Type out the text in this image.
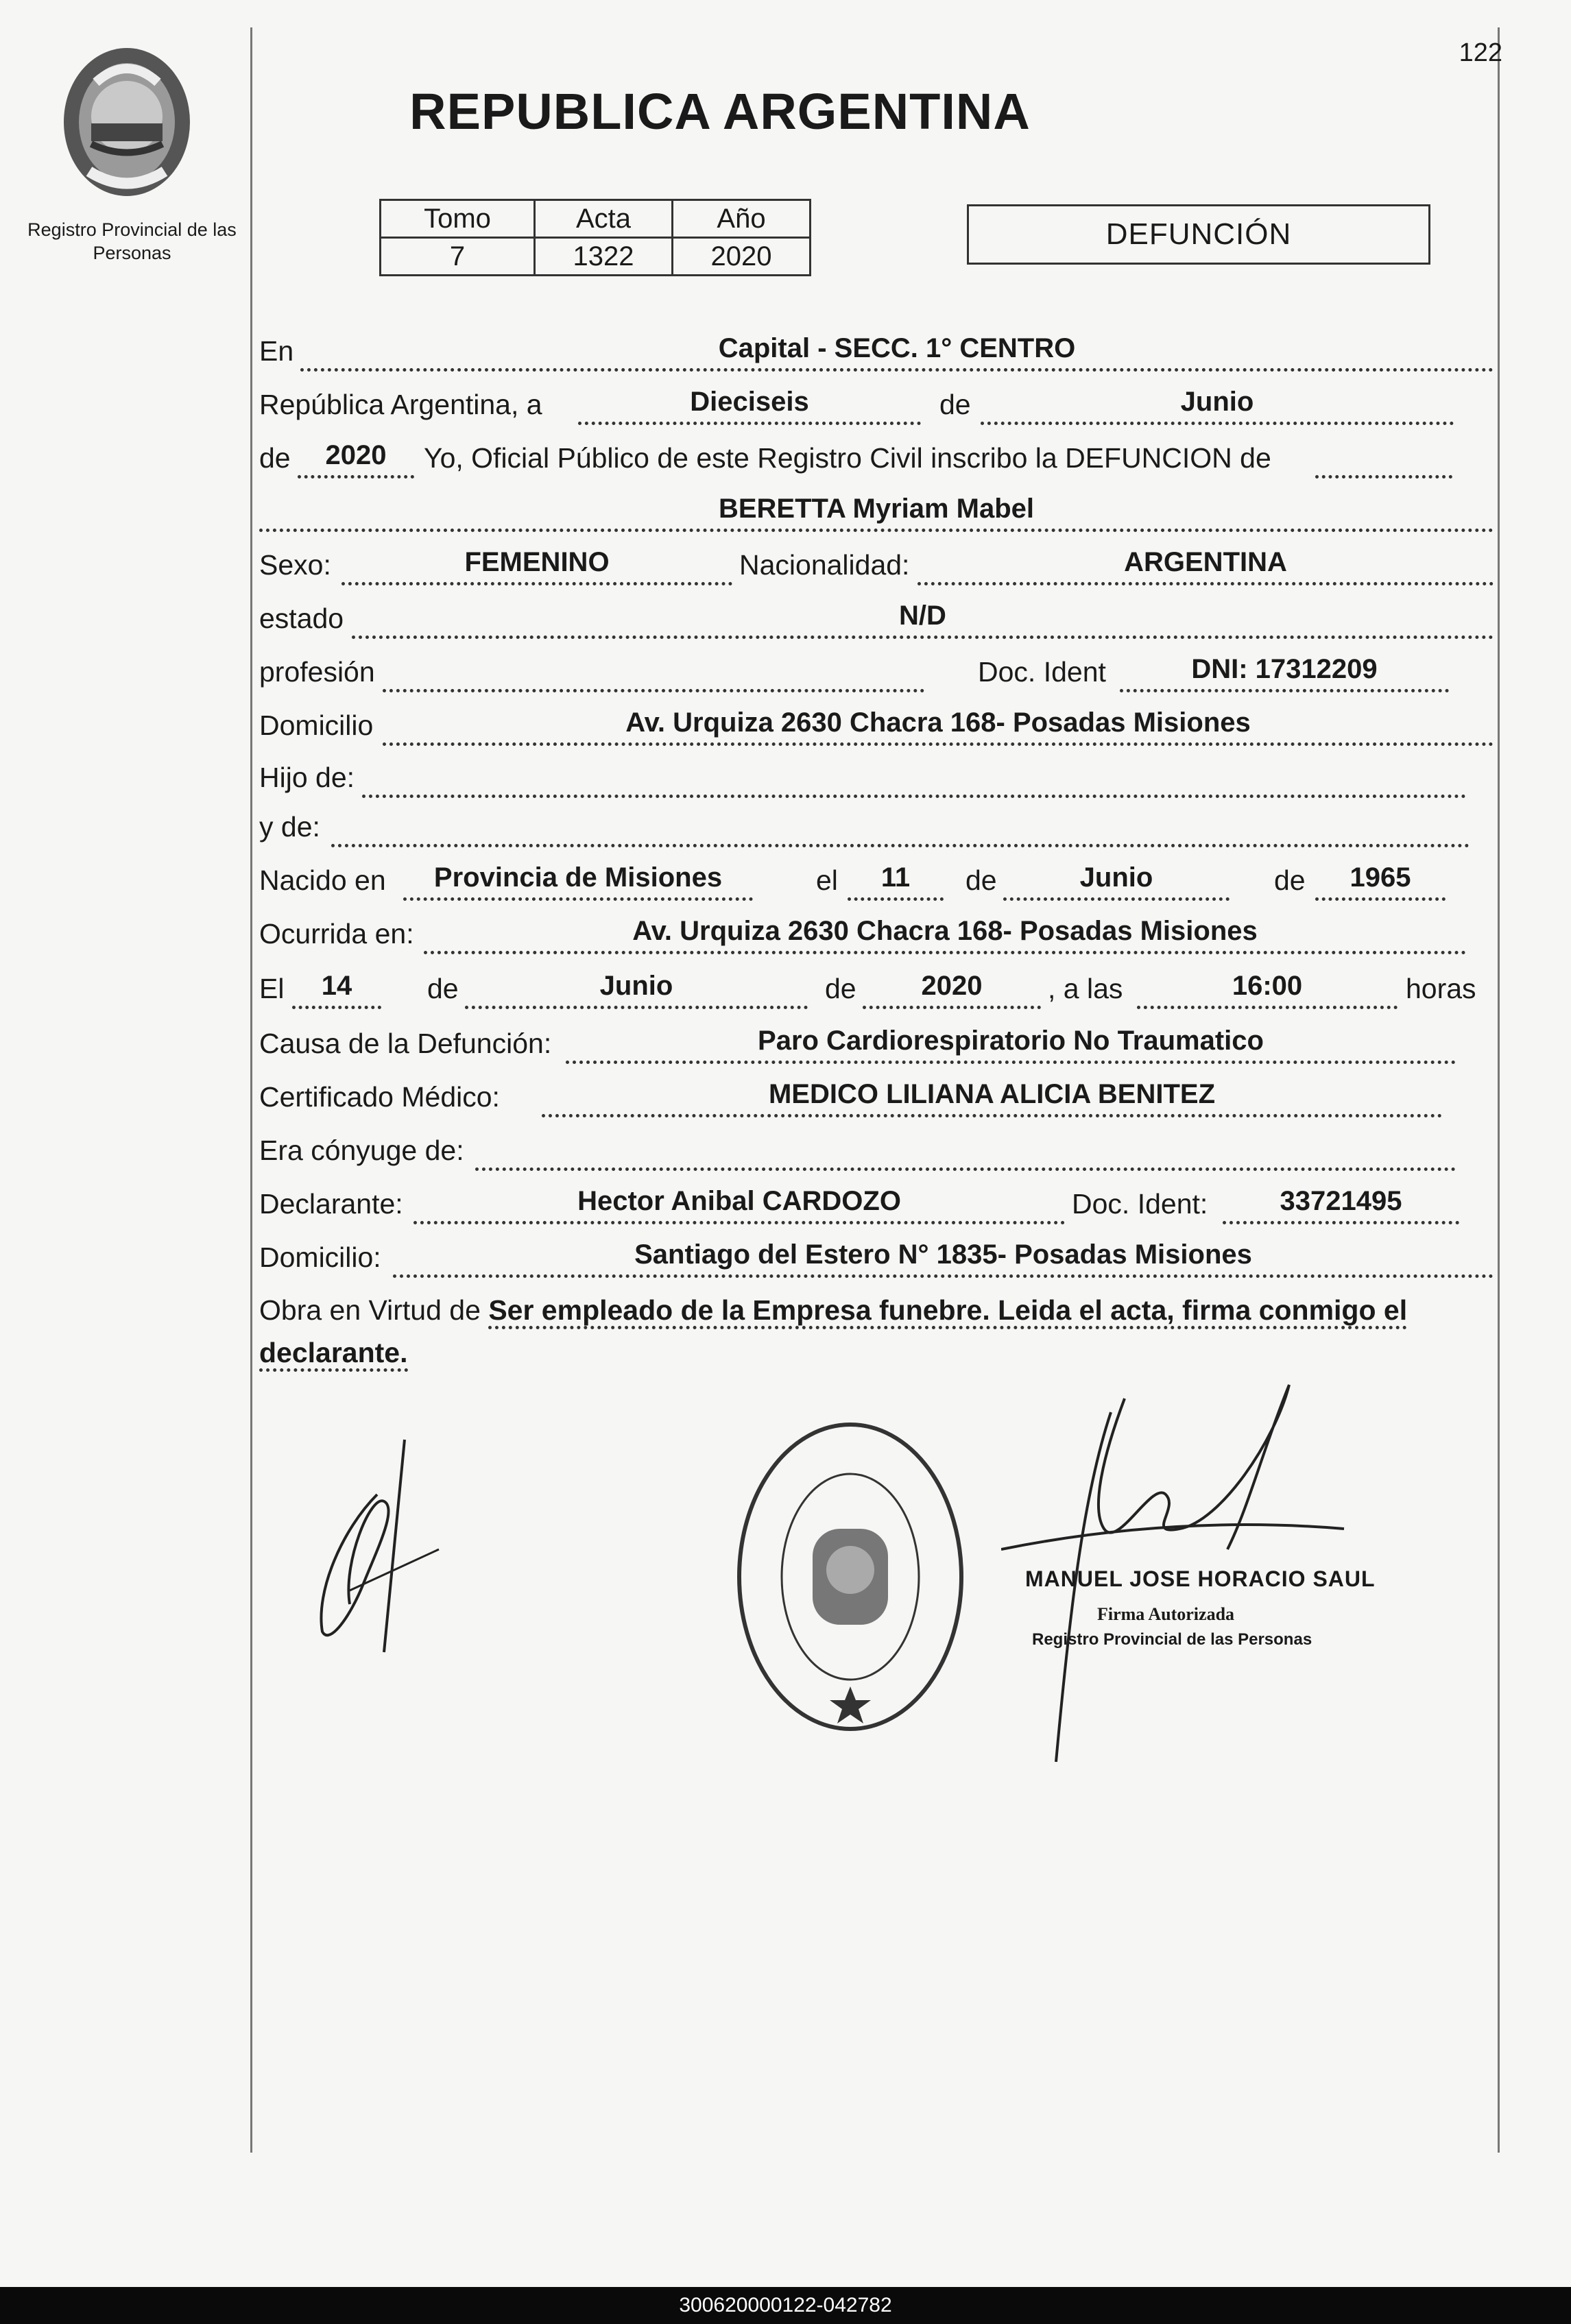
122
Registro Provincial de las Personas
REPUBLICA ARGENTINA
Tomo	Acta	Año
7	1322	2020
DEFUNCIÓN
En	Capital - SECC. 1° CENTRO
República Argentina, a	Dieciseis	de	Junio
de	2020	Yo, Oficial Público de este Registro Civil inscribo la DEFUNCION de
BERETTA Myriam Mabel
Sexo:	FEMENINO	Nacionalidad:	ARGENTINA
estado	N/D
profesión	Doc. Ident	DNI: 17312209
Domicilio	Av. Urquiza 2630 Chacra 168- Posadas Misiones
Hijo de:
y de:
Nacido en	Provincia de Misiones	el	11	de	Junio	de	1965
Ocurrida en:	Av. Urquiza 2630 Chacra 168- Posadas Misiones
El	14	de	Junio	de	2020	, a las	16:00	horas
Causa de la Defunción:	Paro Cardiorespiratorio No Traumatico
Certificado Médico:	MEDICO LILIANA ALICIA BENITEZ
Era cónyuge de:
Declarante:	Hector Anibal CARDOZO	Doc. Ident:	33721495
Domicilio:	Santiago del Estero N° 1835- Posadas Misiones
Obra en Virtud de Ser empleado de la Empresa funebre. Leida el acta, firma conmigo el declarante.
MANUEL JOSE HORACIO SAUL
Firma Autorizada
Registro Provincial de las Personas
300620000122-042782
